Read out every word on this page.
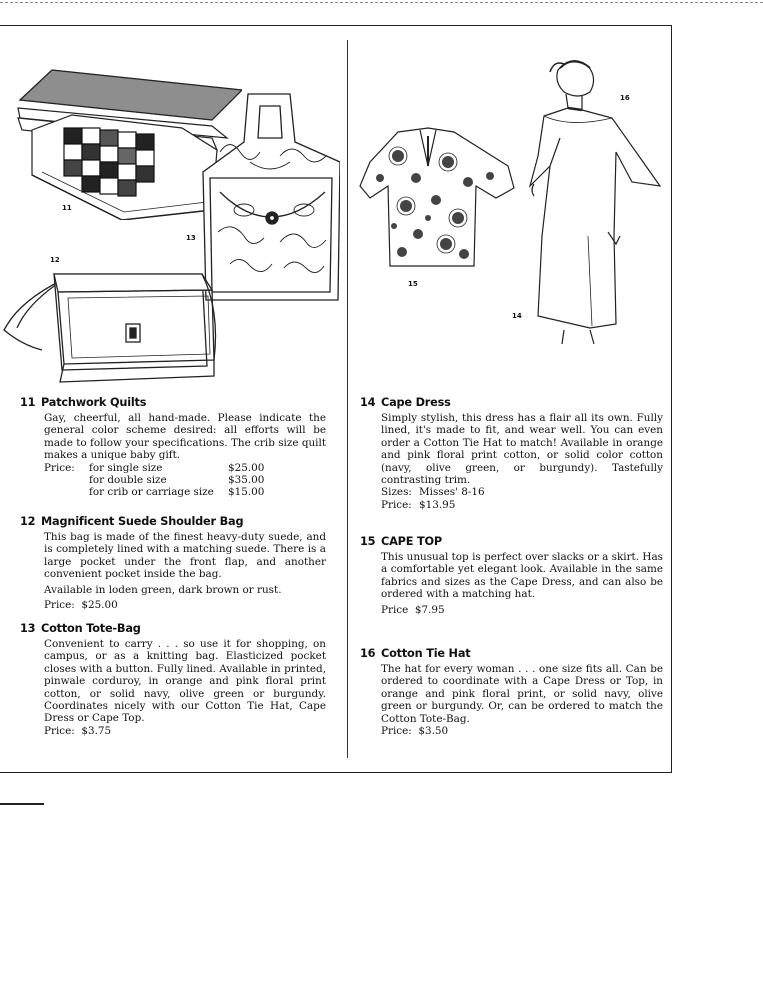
11
13
12
15
16
14
11 Patchwork Quilts

Gay, cheerful, all hand-made. Please indicate the general color scheme desired: all efforts will be made to follow your specifications. The crib size quilt makes a unique baby gift.

Price:	for single size	$25.00
	for double size	$35.00
	for crib or carriage size	$15.00
12 Magnificent Suede Shoulder Bag

This bag is made of the finest heavy-duty suede, and is completely lined with a matching suede. There is a large pocket under the front flap, and another convenient pocket inside the bag.

Available in loden green, dark brown or rust.

Price: $25.00

13 Cotton Tote-Bag

Convenient to carry . . . so use it for shopping, on campus, or as a knitting bag. Elasticized pocket closes with a button. Fully lined. Available in printed, pinwale corduroy, in orange and pink floral print cotton, or solid navy, olive green or burgundy. Coordinates nicely with our Cotton Tie Hat, Cape Dress or Cape Top.

Price: $3.75

14 Cape Dress

Simply stylish, this dress has a flair all its own. Fully lined, it's made to fit, and wear well. You can even order a Cotton Tie Hat to match! Available in orange and pink floral print cotton, or solid color cotton (navy, olive green, or burgundy). Tastefully contrasting trim.

Sizes: Misses' 8-16
Price: $13.95
15 CAPE TOP

This unusual top is perfect over slacks or a skirt. Has a comfortable yet elegant look. Available in the same fabrics and sizes as the Cape Dress, and can also be ordered with a matching hat.

Price $7.95

16 Cotton Tie Hat

The hat for every woman . . . one size fits all. Can be ordered to coordinate with a Cape Dress or Top, in orange and pink floral print, or solid navy, olive green or burgundy. Or, can be ordered to match the Cotton Tote-Bag.

Price: $3.50
